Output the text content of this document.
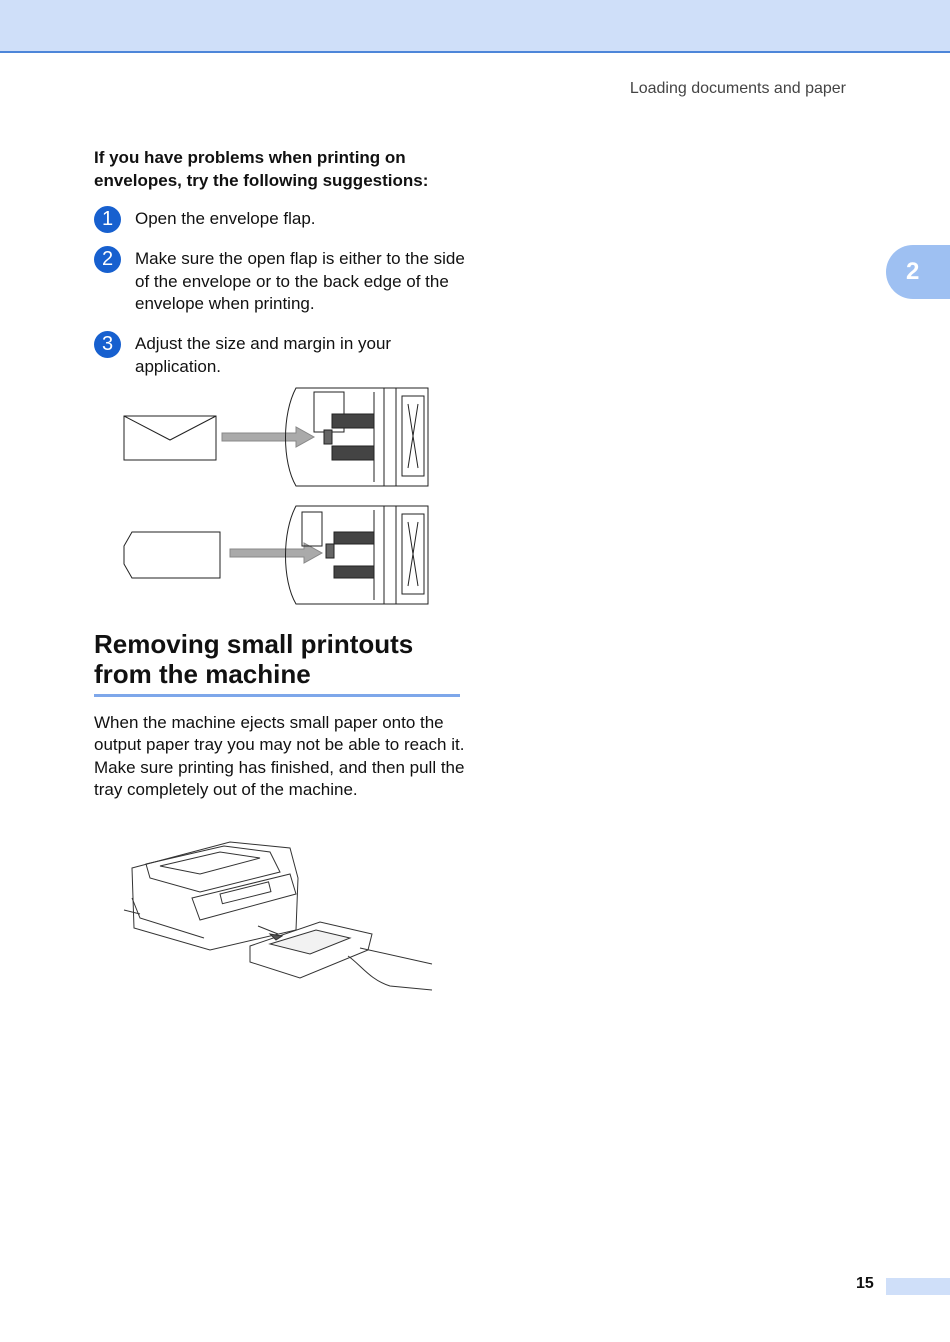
Loading documents and paper
2
If you have problems when printing on envelopes, try the following suggestions:
1	Open the envelope flap.
2	Make sure the open flap is either to the side of the envelope or to the back edge of the envelope when printing.
3	Adjust the size and margin in your application.
Removing small printouts from the machine
When the machine ejects small paper onto the output paper tray you may not be able to reach it. Make sure printing has finished, and then pull the tray completely out of the machine.
15
